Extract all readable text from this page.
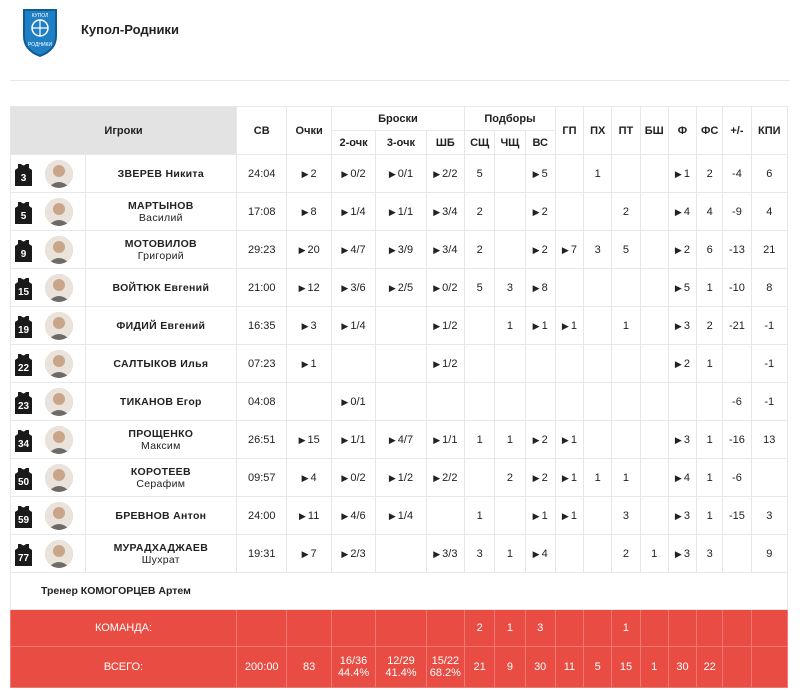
КУПОЛ
РОДНИКИ
Купол-Родники
Игроки		СВ	Очки	Броски			Подборы			ГП	ПХ	ПТ	БШ	Ф	ФС	+/-	КПИ
				2-очк	3-очк	ШБ	СЩ	ЧЩ	ВС								

3	ЗВЕРЕВ Никита	24:04	▶ 2	▶ 0/2	▶ 0/1	▶ 2/2	5		▶ 5		1			▶ 1	2	-4	6

5	МАРТЫНОВ
Василий	17:08	▶ 8	▶ 1/4	▶ 1/1	▶ 3/4	2		▶ 2			2		▶ 4	4	-9	4

9	МОТОВИЛОВ
Григорий	29:23	▶ 20	▶ 4/7	▶ 3/9	▶ 3/4	2		▶ 2	▶ 7	3	5		▶ 2	6	-13	21

15	ВОЙТЮК Евгений	21:00	▶ 12	▶ 3/6	▶ 2/5	▶ 0/2	5	3	▶ 8					▶ 5	1	-10	8

19	ФИДИЙ Евгений	16:35	▶ 3	▶ 1/4		▶ 1/2		1	▶ 1	▶ 1		1		▶ 3	2	-21	-1

22	САЛТЫКОВ Илья	07:23	▶ 1			▶ 1/2								▶ 2	1		-1

23	ТИКАНОВ Егор	04:08		▶ 0/1												-6	-1

34	ПРОЩЕНКО
Максим	26:51	▶ 15	▶ 1/1	▶ 4/7	▶ 1/1	1	1	▶ 2	▶ 1				▶ 3	1	-16	13

50	КОРОТЕЕВ
Серафим	09:57	▶ 4	▶ 0/2	▶ 1/2	▶ 2/2		2	▶ 2	▶ 1	1	1		▶ 4	1	-6	

59	БРЕВНОВ Антон	24:00	▶ 11	▶ 4/6	▶ 1/4		1		▶ 1	▶ 1		3		▶ 3	1	-15	3

77	МУРАДХАДЖАЕВ
Шухрат	19:31	▶ 7	▶ 2/3		▶ 3/3	3	1	▶ 4			2	1	▶ 3	3		9
Тренер КОМОГОРЦЕВ Артем																	
КОМАНДА:							2	1	3			1					
ВСЕГО:		200:00	83	16/36
44.4%	12/29
41.4%	15/22
68.2%	21	9	30	11	5	15	1	30	22		
